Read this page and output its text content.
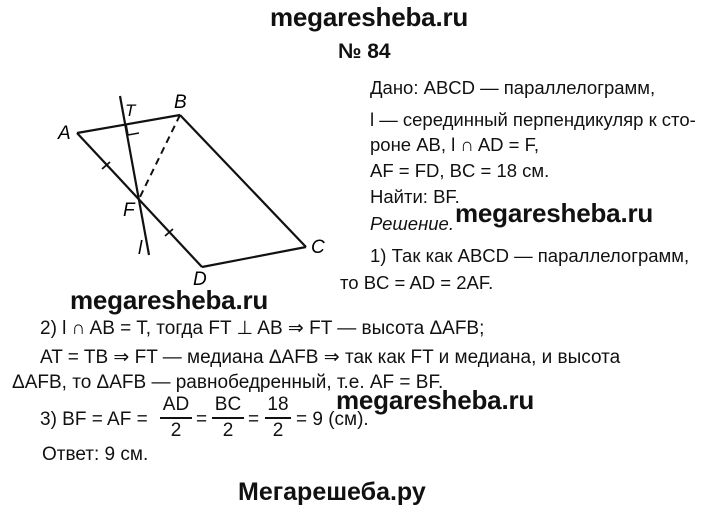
megaresheba.ru
№ 84
A
B
C
D
T
F
l
Дано: ABCD — параллелограмм,
l — серединный перпендикуляр к сто-
роне AB, l ∩ AD = F,
AF = FD, BC = 18 см.
Найти: BF.
Решение. megaresheba.ru
1) Так как ABCD — параллелограмм,
то BC = AD = 2AF.
megaresheba.ru
2) l ∩ AB = T, тогда FT ⊥ AB ⇒ FT — высота ΔAFB;
AT = TB ⇒ FT — медиана ΔAFB ⇒ так как FT и медиана, и высота
ΔAFB, то ΔAFB — равнобедренный, т.е. AF = BF.
megaresheba.ru
3) BF = AF =
AD
2 =
BC
2 =
18
2 = 9 (см).
Ответ: 9 см.
Мегарешеба.ру
